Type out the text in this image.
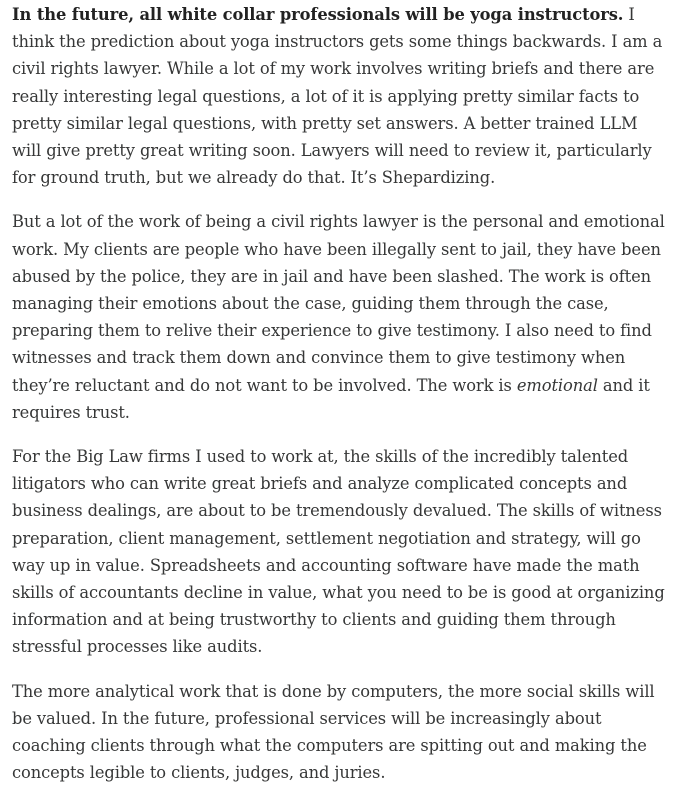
In the future, all white collar professionals will be yoga instructors. I think the prediction about yoga instructors gets some things backwards. I am a civil rights lawyer. While a lot of my work involves writing briefs and there are really interesting legal questions, a lot of it is applying pretty similar facts to pretty similar legal questions, with pretty set answers. A better trained LLM will give pretty great writing soon. Lawyers will need to review it, particularly for ground truth, but we already do that. It’s Shepardizing.

But a lot of the work of being a civil rights lawyer is the personal and emotional work. My clients are people who have been illegally sent to jail, they have been abused by the police, they are in jail and have been slashed. The work is often managing their emotions about the case, guiding them through the case, preparing them to relive their experience to give testimony. I also need to find witnesses and track them down and convince them to give testimony when they’re reluctant and do not want to be involved. The work is emotional and it requires trust.

For the Big Law firms I used to work at, the skills of the incredibly talented litigators who can write great briefs and analyze complicated concepts and business dealings, are about to be tremendously devalued. The skills of witness preparation, client management, settlement negotiation and strategy, will go way up in value. Spreadsheets and accounting software have made the math skills of accountants decline in value, what you need to be is good at organizing information and at being trustworthy to clients and guiding them through stressful processes like audits.

The more analytical work that is done by computers, the more social skills will be valued. In the future, professional services will be increasingly about coaching clients through what the computers are spitting out and making the concepts legible to clients, judges, and juries.
